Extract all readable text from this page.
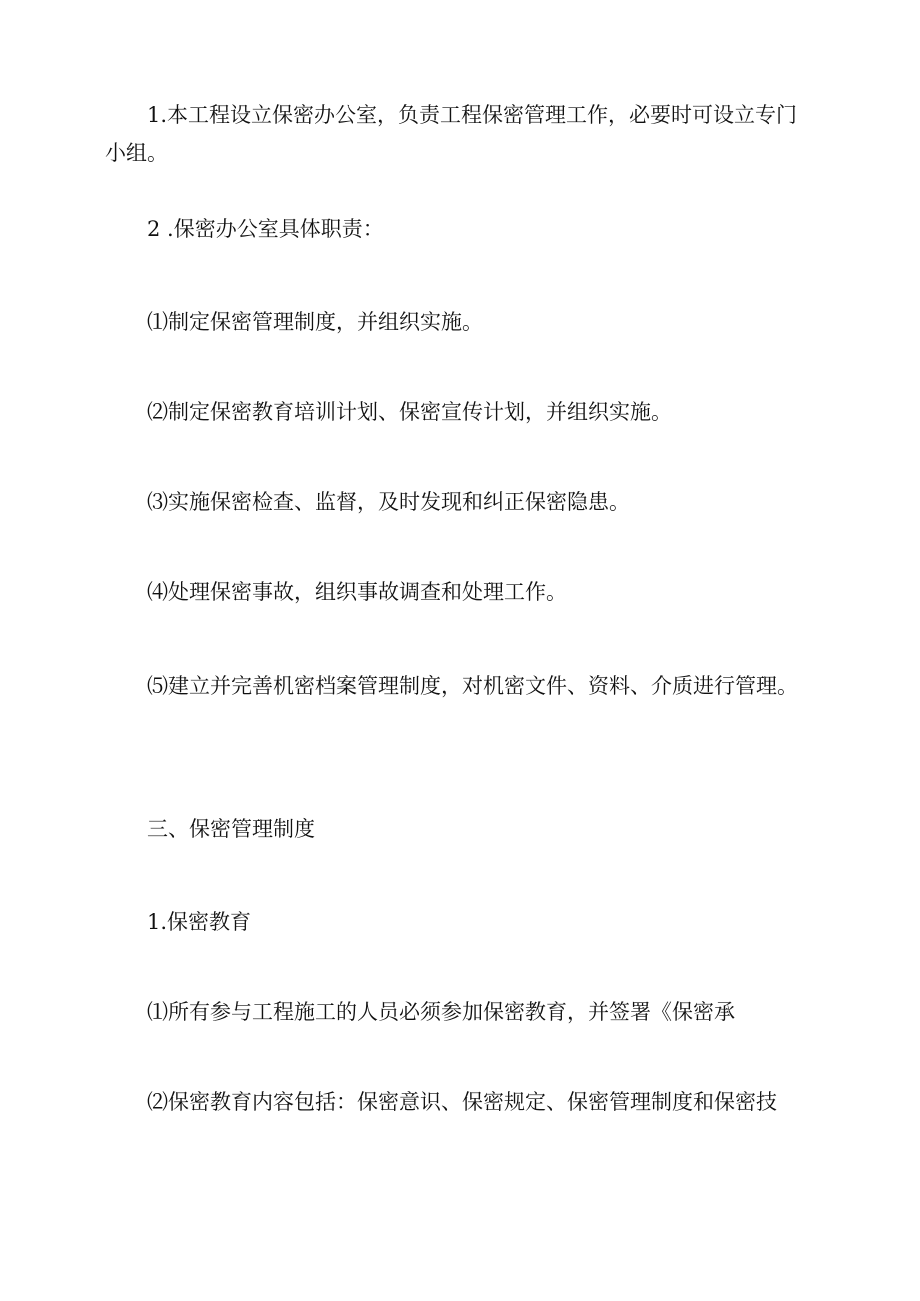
1.本工程设立保密办公室，负责工程保密管理工作，必要时可设立专门小组。

2 .保密办公室具体职责：

⑴制定保密管理制度，并组织实施。

⑵制定保密教育培训计划、保密宣传计划，并组织实施。

⑶实施保密检查、监督，及时发现和纠正保密隐患。

⑷处理保密事故，组织事故调查和处理工作。

⑸建立并完善机密档案管理制度，对机密文件、资料、介质进行管理。

三、保密管理制度

1.保密教育

⑴所有参与工程施工的人员必须参加保密教育，并签署《保密承

⑵保密教育内容包括：保密意识、保密规定、保密管理制度和保密技
